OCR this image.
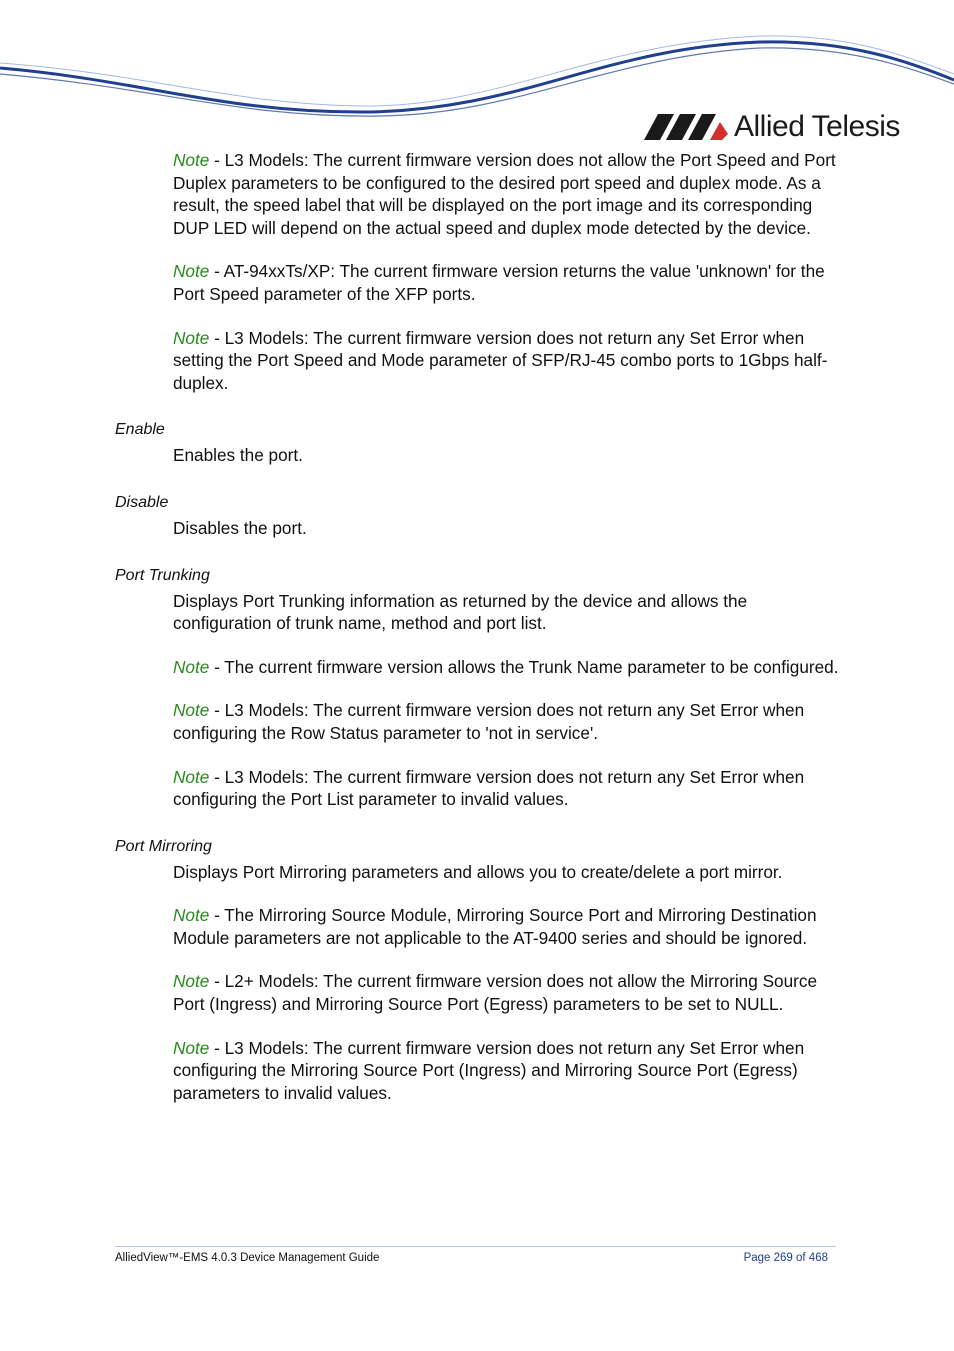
Allied Telesis

Note - L3 Models: The current firmware version does not allow the Port Speed and Port Duplex parameters to be configured to the desired port speed and duplex mode. As a result, the speed label that will be displayed on the port image and its corresponding DUP LED will depend on the actual speed and duplex mode detected by the device.

Note - AT-94xxTs/XP: The current firmware version returns the value 'unknown' for the Port Speed parameter of the XFP ports.

Note - L3 Models: The current firmware version does not return any Set Error when setting the Port Speed and Mode parameter of SFP/RJ-45 combo ports to 1Gbps half-duplex.

Enable

Enables the port.

Disable

Disables the port.

Port Trunking

Displays Port Trunking information as returned by the device and allows the configuration of trunk name, method and port list.

Note - The current firmware version allows the Trunk Name parameter to be configured.

Note - L3 Models: The current firmware version does not return any Set Error when configuring the Row Status parameter to 'not in service'.

Note - L3 Models: The current firmware version does not return any Set Error when configuring the Port List parameter to invalid values.

Port Mirroring

Displays Port Mirroring parameters and allows you to create/delete a port mirror.

Note - The Mirroring Source Module, Mirroring Source Port and Mirroring Destination Module parameters are not applicable to the AT-9400 series and should be ignored.

Note - L2+ Models: The current firmware version does not allow the Mirroring Source Port (Ingress) and Mirroring Source Port (Egress) parameters to be set to NULL.

Note - L3 Models: The current firmware version does not return any Set Error when configuring the Mirroring Source Port (Ingress) and Mirroring Source Port (Egress) parameters to invalid values.

AlliedView™-EMS 4.0.3 Device Management Guide	Page 269 of 468
